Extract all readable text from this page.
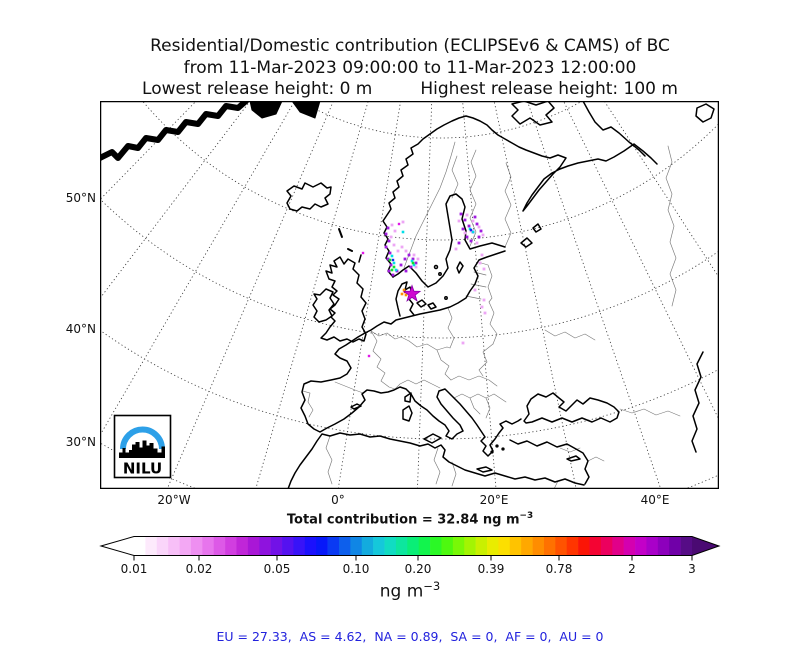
Residential/Domestic contribution (ECLIPSEv6 & CAMS) of BC
from 11-Mar-2023 09:00:00 to 11-Mar-2023 12:00:00
Lowest release height: 0 m	Highest release height: 100 m
NILU
Total contribution = 32.84 ng $m^{-3}$
ng $m^{-3}$
EU = 27.33,  AS = 4.62,  NA = 0.89,  SA = 0,  AF = 0,  AU = 0
0.01	0.02	0.05	0.10	0.20	0.39	0.78	2	3
50°N
40°N
30°N
20°W	0°	20°E	40°E
